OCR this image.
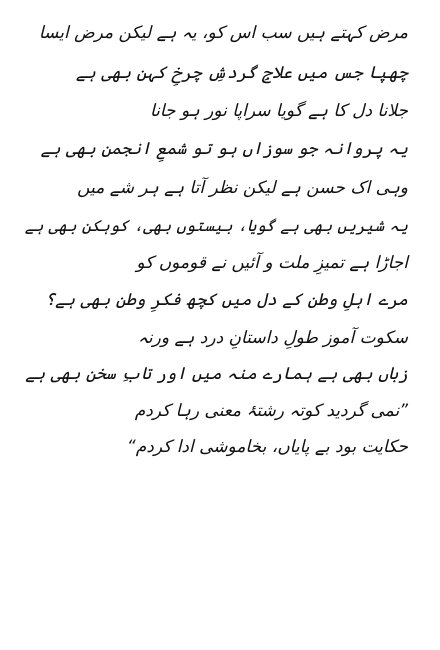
مرض کہتے ہیں سب اس کو، یہ ہے لیکن مرض ایسا
چھپا جس میں علاجِ گردشِ چرخِ کہن بھی ہے
جلانا دل کا ہے گویا سراپا نور ہو جانا
یہ پروانہ جو سوزاں ہو تو شمعِ انجمن بھی ہے
وہی اک حسن ہے لیکن نظر آتا ہے ہر شے میں
یہ شیریں بھی ہے گویا، بیستوں بھی، کوہکن بھی ہے
اجاڑا ہے تمیزِ ملت و آئیں نے قوموں کو
مرے اہلِ وطن کے دل میں کچھ فکرِ وطن بھی ہے؟
سکوت آموز طولِ داستانِ درد ہے ورنہ
زباں بھی ہے ہمارے منہ میں اور تابِ سخن بھی ہے
”نمی گردید کوتہ رشتۂ معنی رہا کردم
حکایت بود بے پایاں، بخاموشی ادا کردم“
